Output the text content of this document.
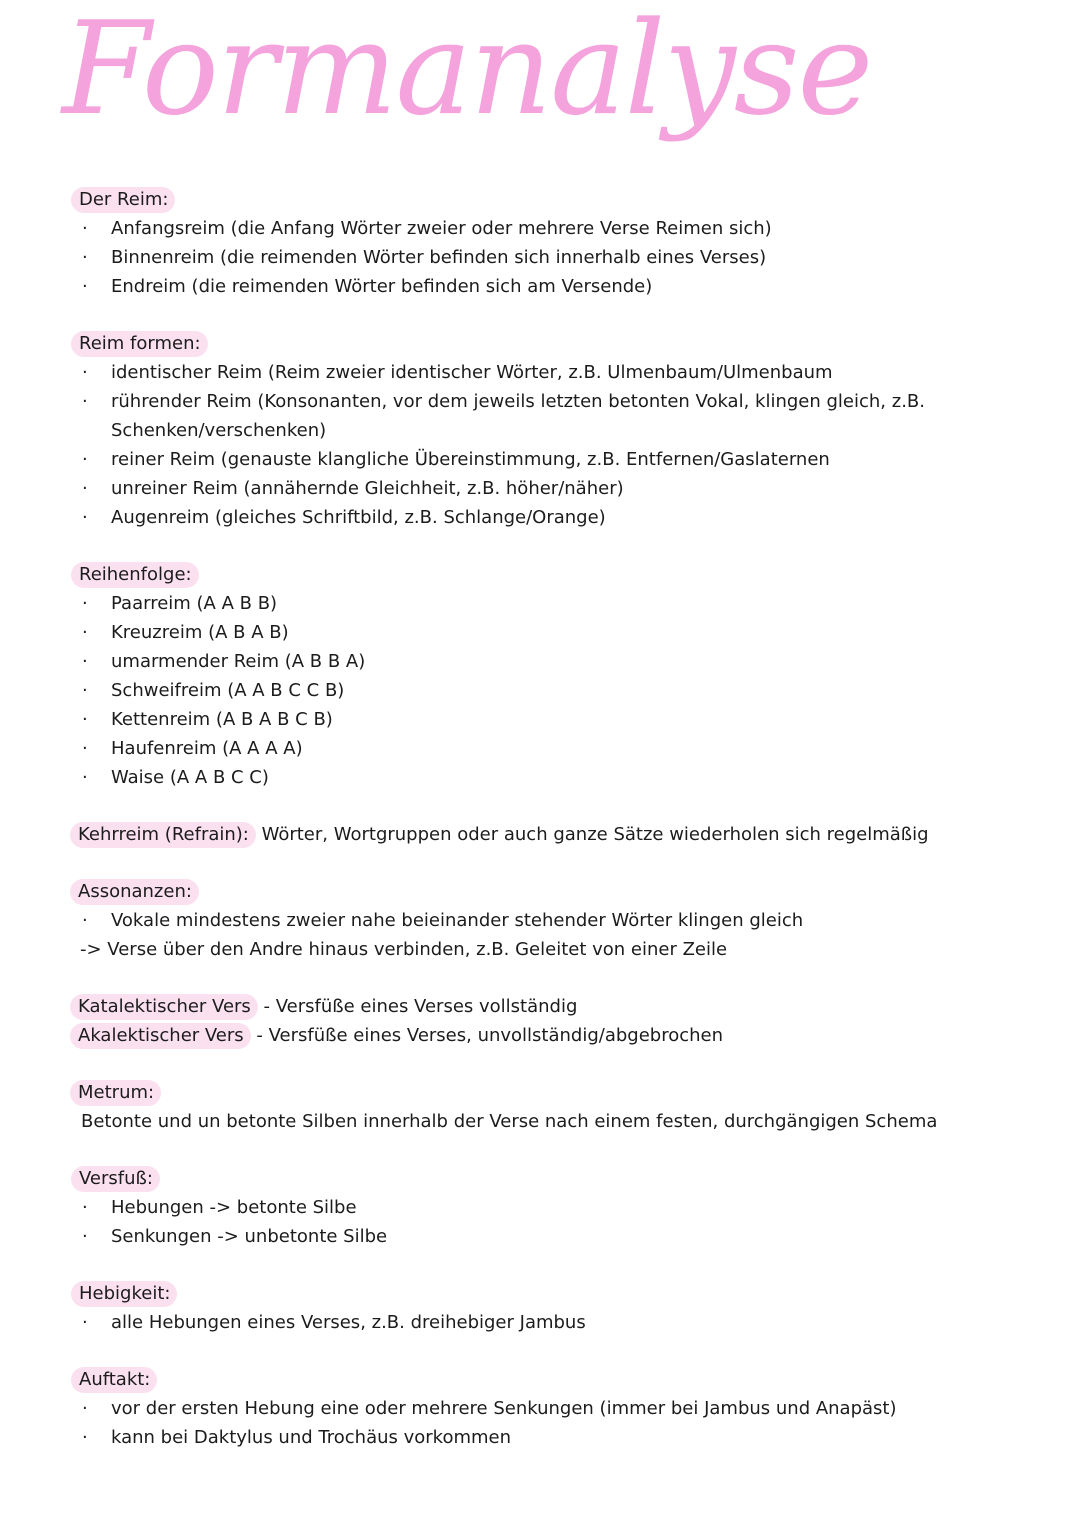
Formanalyse
Der Reim:
· Anfangsreim (die Anfang Wörter zweier oder mehrere Verse Reimen sich)
· Binnenreim (die reimenden Wörter befinden sich innerhalb eines Verses)
· Endreim (die reimenden Wörter befinden sich am Versende)
Reim formen:
· identischer Reim (Reim zweier identischer Wörter, z.B. Ulmenbaum/Ulmenbaum
· rührender Reim (Konsonanten, vor dem jeweils letzten betonten Vokal, klingen gleich, z.B.
Schenken/verschenken)
· reiner Reim (genauste klangliche Übereinstimmung, z.B. Entfernen/Gaslaternen
· unreiner Reim (annähernde Gleichheit, z.B. höher/näher)
· Augenreim (gleiches Schriftbild, z.B. Schlange/Orange)
Reihenfolge:
· Paarreim (A A B B)
· Kreuzreim (A B A B)
· umarmender Reim (A B B A)
· Schweifreim (A A B C C B)
· Kettenreim (A B A B C B)
· Haufenreim (A A A A)
· Waise (A A B C C)
Kehrreim (Refrain): Wörter, Wortgruppen oder auch ganze Sätze wiederholen sich regelmäßig
Assonanzen:
· Vokale mindestens zweier nahe beieinander stehender Wörter klingen gleich
-> Verse über den Andre hinaus verbinden, z.B. Geleitet von einer Zeile
Katalektischer Vers - Versfüße eines Verses vollständig
Akalektischer Vers - Versfüße eines Verses, unvollständig/abgebrochen
Metrum:
Betonte und un betonte Silben innerhalb der Verse nach einem festen, durchgängigen Schema
Versfuß:
· Hebungen -> betonte Silbe
· Senkungen -> unbetonte Silbe
Hebigkeit:
· alle Hebungen eines Verses, z.B. dreihebiger Jambus
Auftakt:
· vor der ersten Hebung eine oder mehrere Senkungen (immer bei Jambus und Anapäst)
· kann bei Daktylus und Trochäus vorkommen
